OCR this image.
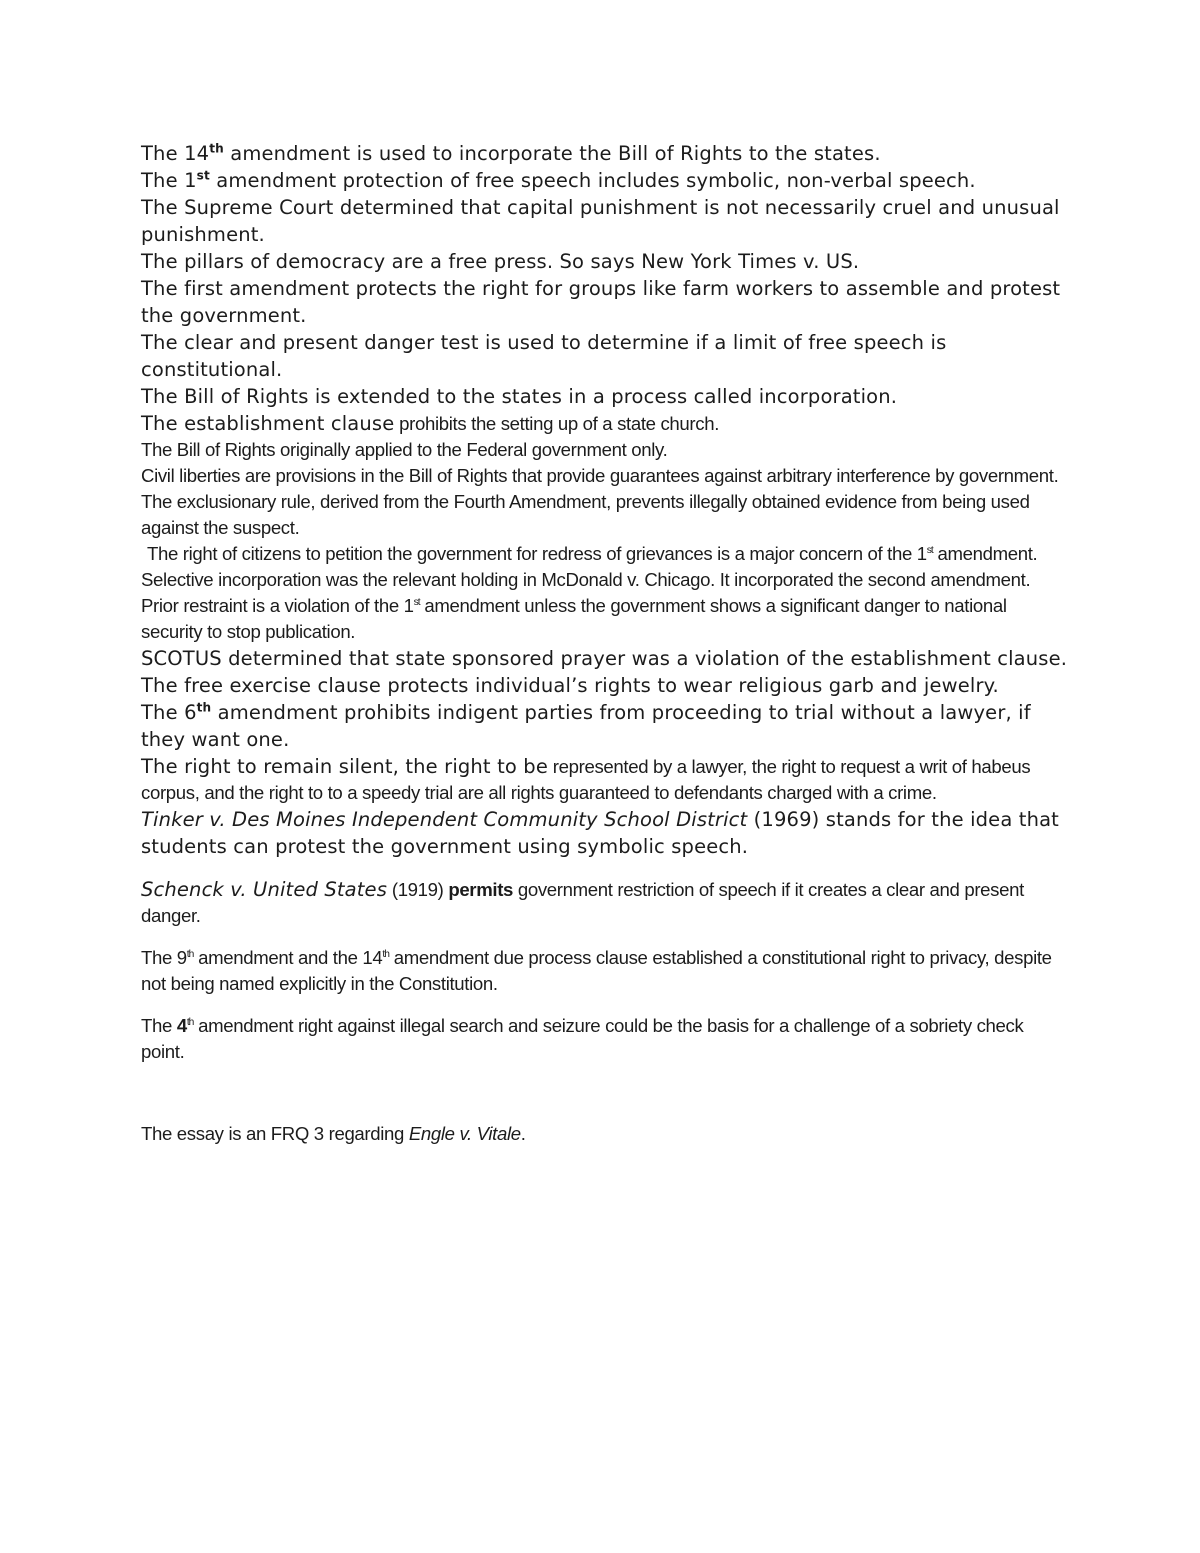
The 14th amendment is used to incorporate the Bill of Rights to the states.

The 1st amendment protection of free speech includes symbolic, non-verbal speech.

The Supreme Court determined that capital punishment is not necessarily cruel and unusual punishment.

The pillars of democracy are a free press. So says New York Times v. US.

The first amendment protects the right for groups like farm workers to assemble and protest the government.

The clear and present danger test is used to determine if a limit of free speech is constitutional.

The Bill of Rights is extended to the states in a process called incorporation.

The establishment clause prohibits the setting up of a state church.

The Bill of Rights originally applied to the Federal government only.

Civil liberties are provisions in the Bill of Rights that provide guarantees against arbitrary interference by government.

The exclusionary rule, derived from the Fourth Amendment, prevents illegally obtained evidence from being used against the suspect.

The right of citizens to petition the government for redress of grievances is a major concern of the 1st amendment.

Selective incorporation was the relevant holding in McDonald v. Chicago. It incorporated the second amendment.

Prior restraint is a violation of the 1st amendment unless the government shows a significant danger to national security to stop publication.

SCOTUS determined that state sponsored prayer was a violation of the establishment clause.

The free exercise clause protects individual’s rights to wear religious garb and jewelry.

The 6th amendment prohibits indigent parties from proceeding to trial without a lawyer, if they want one.

The right to remain silent, the right to be represented by a lawyer, the right to request a writ of habeus corpus, and the right to to a speedy trial are all rights guaranteed to defendants charged with a crime.

Tinker v. Des Moines Independent Community School District (1969) stands for the idea that students can protest the government using symbolic speech.

Schenck v. United States (1919) permits government restriction of speech if it creates a clear and present danger.

The 9th amendment and the 14th amendment due process clause established a constitutional right to privacy, despite not being named explicitly in the Constitution.

The 4th amendment right against illegal search and seizure could be the basis for a challenge of a sobriety check point.

The essay is an FRQ 3 regarding Engle v. Vitale.
